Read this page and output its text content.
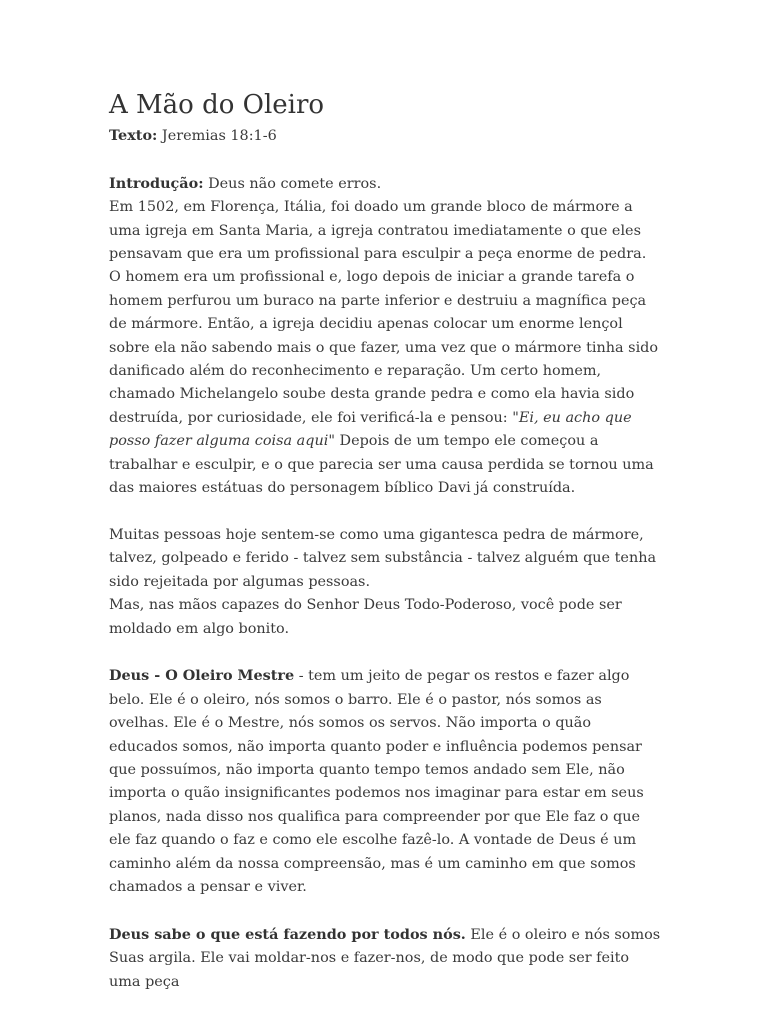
A Mão do Oleiro

Texto: Jeremias 18:1-6

Introdução: Deus não comete erros.

Em 1502, em Florença, Itália, foi doado um grande bloco de mármore a uma igreja em Santa Maria, a igreja contratou imediatamente o que eles pensavam que era um profissional para esculpir a peça enorme de pedra. O homem era um profissional e, logo depois de iniciar a grande tarefa o homem perfurou um buraco na parte inferior e destruiu a magnífica peça de mármore. Então, a igreja decidiu apenas colocar um enorme lençol sobre ela não sabendo mais o que fazer, uma vez que o mármore tinha sido danificado além do reconhecimento e reparação. Um certo homem, chamado Michelangelo soube desta grande pedra e como ela havia sido destruída, por curiosidade, ele foi verificá-la e pensou: "Ei, eu acho que posso fazer alguma coisa aqui" Depois de um tempo ele começou a trabalhar e esculpir, e o que parecia ser uma causa perdida se tornou uma das maiores estátuas do personagem bíblico Davi já construída.

Muitas pessoas hoje sentem-se como uma gigantesca pedra de mármore, talvez, golpeado e ferido - talvez sem substância - talvez alguém que tenha sido rejeitada por algumas pessoas.

Mas, nas mãos capazes do Senhor Deus Todo-Poderoso, você pode ser moldado em algo bonito.

Deus - O Oleiro Mestre - tem um jeito de pegar os restos e fazer algo belo. Ele é o oleiro, nós somos o barro. Ele é o pastor, nós somos as ovelhas. Ele é o Mestre, nós somos os servos. Não importa o quão educados somos, não importa quanto poder e influência podemos pensar que possuímos, não importa quanto tempo temos andado sem Ele, não importa o quão insignificantes podemos nos imaginar para estar em seus planos, nada disso nos qualifica para compreender por que Ele faz o que ele faz quando o faz e como ele escolhe fazê-lo. A vontade de Deus é um caminho além da nossa compreensão, mas é um caminho em que somos chamados a pensar e viver.

Deus sabe o que está fazendo por todos nós. Ele é o oleiro e nós somos Suas argila. Ele vai moldar-nos e fazer-nos, de modo que pode ser feito uma peça
